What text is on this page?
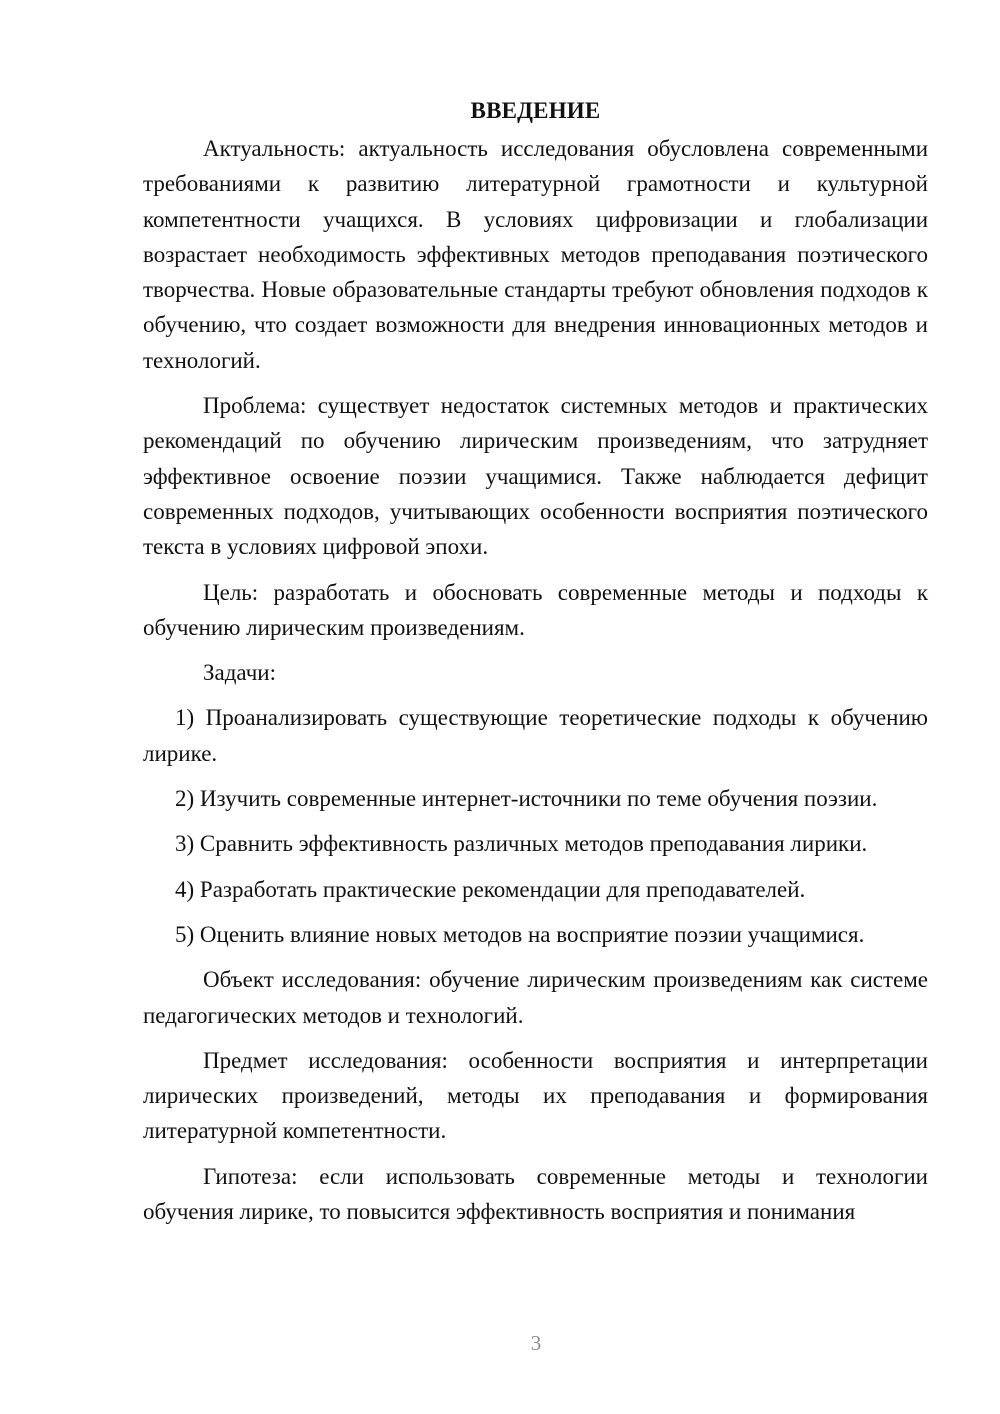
ВВЕДЕНИЕ

Актуальность: актуальность исследования обусловлена современными требованиями к развитию литературной грамотности и культурной компетентности учащихся. В условиях цифровизации и глобализации возрастает необходимость эффективных методов преподавания поэтического творчества. Новые образовательные стандарты требуют обновления подходов к обучению, что создает возможности для внедрения инновационных методов и технологий.

Проблема: существует недостаток системных методов и практических рекомендаций по обучению лирическим произведениям, что затрудняет эффективное освоение поэзии учащимися. Также наблюдается дефицит современных подходов, учитывающих особенности восприятия поэтического текста в условиях цифровой эпохи.

Цель: разработать и обосновать современные методы и подходы к обучению лирическим произведениям.

Задачи:

1) Проанализировать существующие теоретические подходы к обучению лирике.

2) Изучить современные интернет-источники по теме обучения поэзии.

3) Сравнить эффективность различных методов преподавания лирики.

4) Разработать практические рекомендации для преподавателей.

5) Оценить влияние новых методов на восприятие поэзии учащимися.

Объект исследования: обучение лирическим произведениям как системе педагогических методов и технологий.

Предмет исследования: особенности восприятия и интерпретации лирических произведений, методы их преподавания и формирования литературной компетентности.

Гипотеза: если использовать современные методы и технологии обучения лирике, то повысится эффективность восприятия и понимания

3
